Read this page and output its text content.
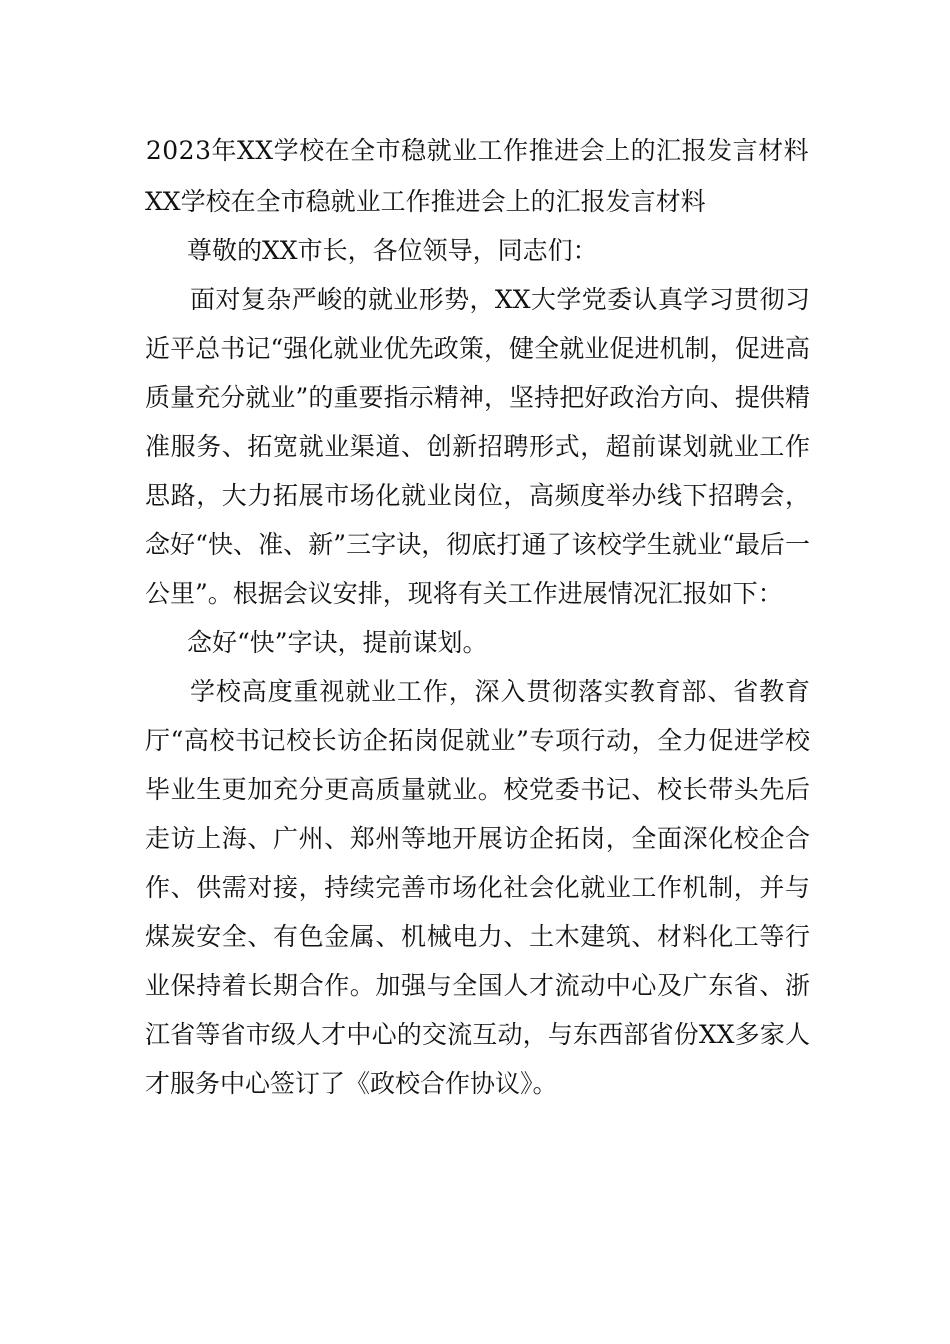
2023年XX学校在全市稳就业工作推进会上的汇报发言材料

XX学校在全市稳就业工作推进会上的汇报发言材料

尊敬的XX市长，各位领导，同志们：

面对复杂严峻的就业形势，XX大学党委认真学习贯彻习近平总书记“强化就业优先政策，健全就业促进机制，促进高质量充分就业”的重要指示精神，坚持把好政治方向、提供精准服务、拓宽就业渠道、创新招聘形式，超前谋划就业工作思路，大力拓展市场化就业岗位，高频度举办线下招聘会，念好“快、准、新”三字诀，彻底打通了该校学生就业“最后一公里”。根据会议安排，现将有关工作进展情况汇报如下：

念好“快”字诀，提前谋划。

学校高度重视就业工作，深入贯彻落实教育部、省教育厅“高校书记校长访企拓岗促就业”专项行动，全力促进学校毕业生更加充分更高质量就业。校党委书记、校长带头先后走访上海、广州、郑州等地开展访企拓岗，全面深化校企合作、供需对接，持续完善市场化社会化就业工作机制，并与煤炭安全、有色金属、机械电力、土木建筑、材料化工等行业保持着长期合作。加强与全国人才流动中心及广东省、浙江省等省市级人才中心的交流互动，与东西部省份XX多家人才服务中心签订了《政校合作协议》。
